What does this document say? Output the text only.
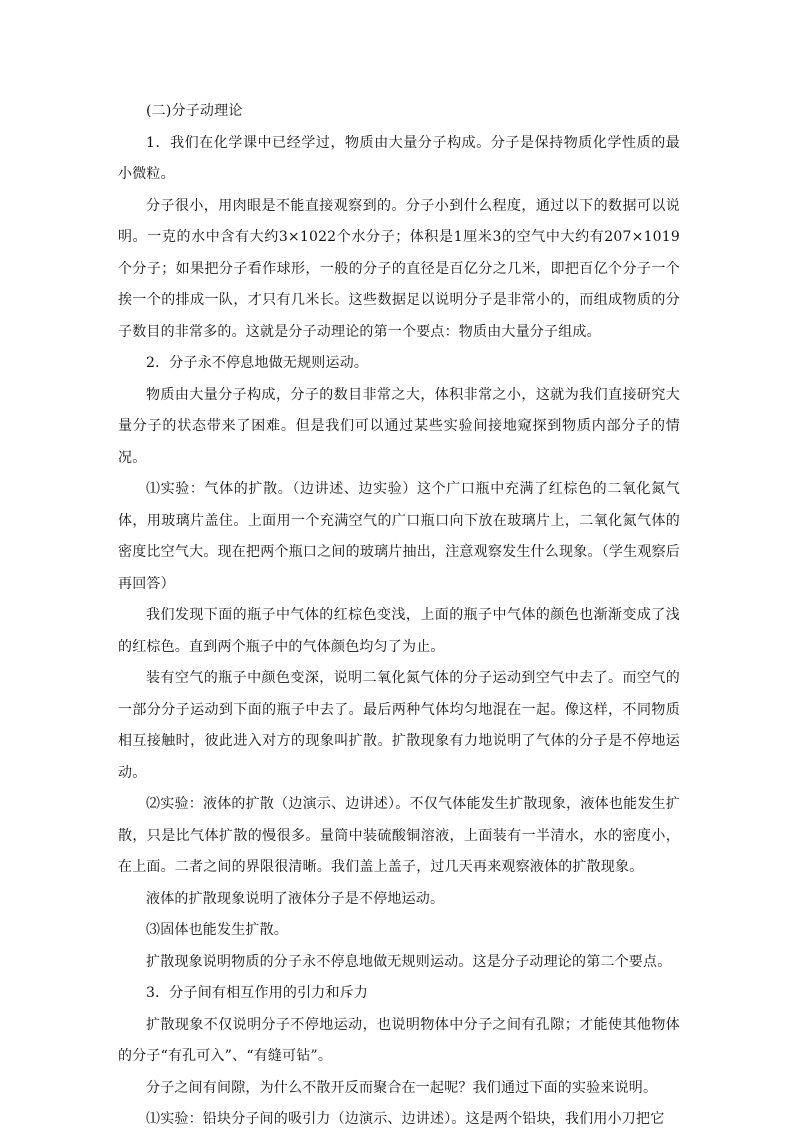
(二)分子动理论

1．我们在化学课中已经学过，物质由大量分子构成。分子是保持物质化学性质的最小微粒。

分子很小，用肉眼是不能直接观察到的。分子小到什么程度，通过以下的数据可以说明。一克的水中含有大约3×1022个水分子；体积是1厘米3的空气中大约有207×1019个分子；如果把分子看作球形，一般的分子的直径是百亿分之几米，即把百亿个分子一个挨一个的排成一队，才只有几米长。这些数据足以说明分子是非常小的，而组成物质的分子数目的非常多的。这就是分子动理论的第一个要点：物质由大量分子组成。

2．分子永不停息地做无规则运动。

物质由大量分子构成，分子的数目非常之大，体积非常之小，这就为我们直接研究大量分子的状态带来了困难。但是我们可以通过某些实验间接地窥探到物质内部分子的情况。

⑴实验：气体的扩散。（边讲述、边实验）这个广口瓶中充满了红棕色的二氧化氮气体，用玻璃片盖住。上面用一个充满空气的广口瓶口向下放在玻璃片上，二氧化氮气体的密度比空气大。现在把两个瓶口之间的玻璃片抽出，注意观察发生什么现象。（学生观察后再回答）

我们发现下面的瓶子中气体的红棕色变浅，上面的瓶子中气体的颜色也渐渐变成了浅的红棕色。直到两个瓶子中的气体颜色均匀了为止。

装有空气的瓶子中颜色变深，说明二氧化氮气体的分子运动到空气中去了。而空气的一部分分子运动到下面的瓶子中去了。最后两种气体均匀地混在一起。像这样，不同物质相互接触时，彼此进入对方的现象叫扩散。扩散现象有力地说明了气体的分子是不停地运动。

⑵实验：液体的扩散（边演示、边讲述）。不仅气体能发生扩散现象，液体也能发生扩散，只是比气体扩散的慢很多。量筒中装硫酸铜溶液，上面装有一半清水，水的密度小，在上面。二者之间的界限很清晰。我们盖上盖子，过几天再来观察液体的扩散现象。

液体的扩散现象说明了液体分子是不停地运动。

⑶固体也能发生扩散。

扩散现象说明物质的分子永不停息地做无规则运动。这是分子动理论的第二个要点。

3．分子间有相互作用的引力和斥力

扩散现象不仅说明分子不停地运动，也说明物体中分子之间有孔隙；才能使其他物体的分子“有孔可入”、“有缝可钻”。

分子之间有间隙，为什么不散开反而聚合在一起呢？我们通过下面的实验来说明。

⑴实验：铅块分子间的吸引力（边演示、边讲述）。这是两个铅块，我们用小刀把它
